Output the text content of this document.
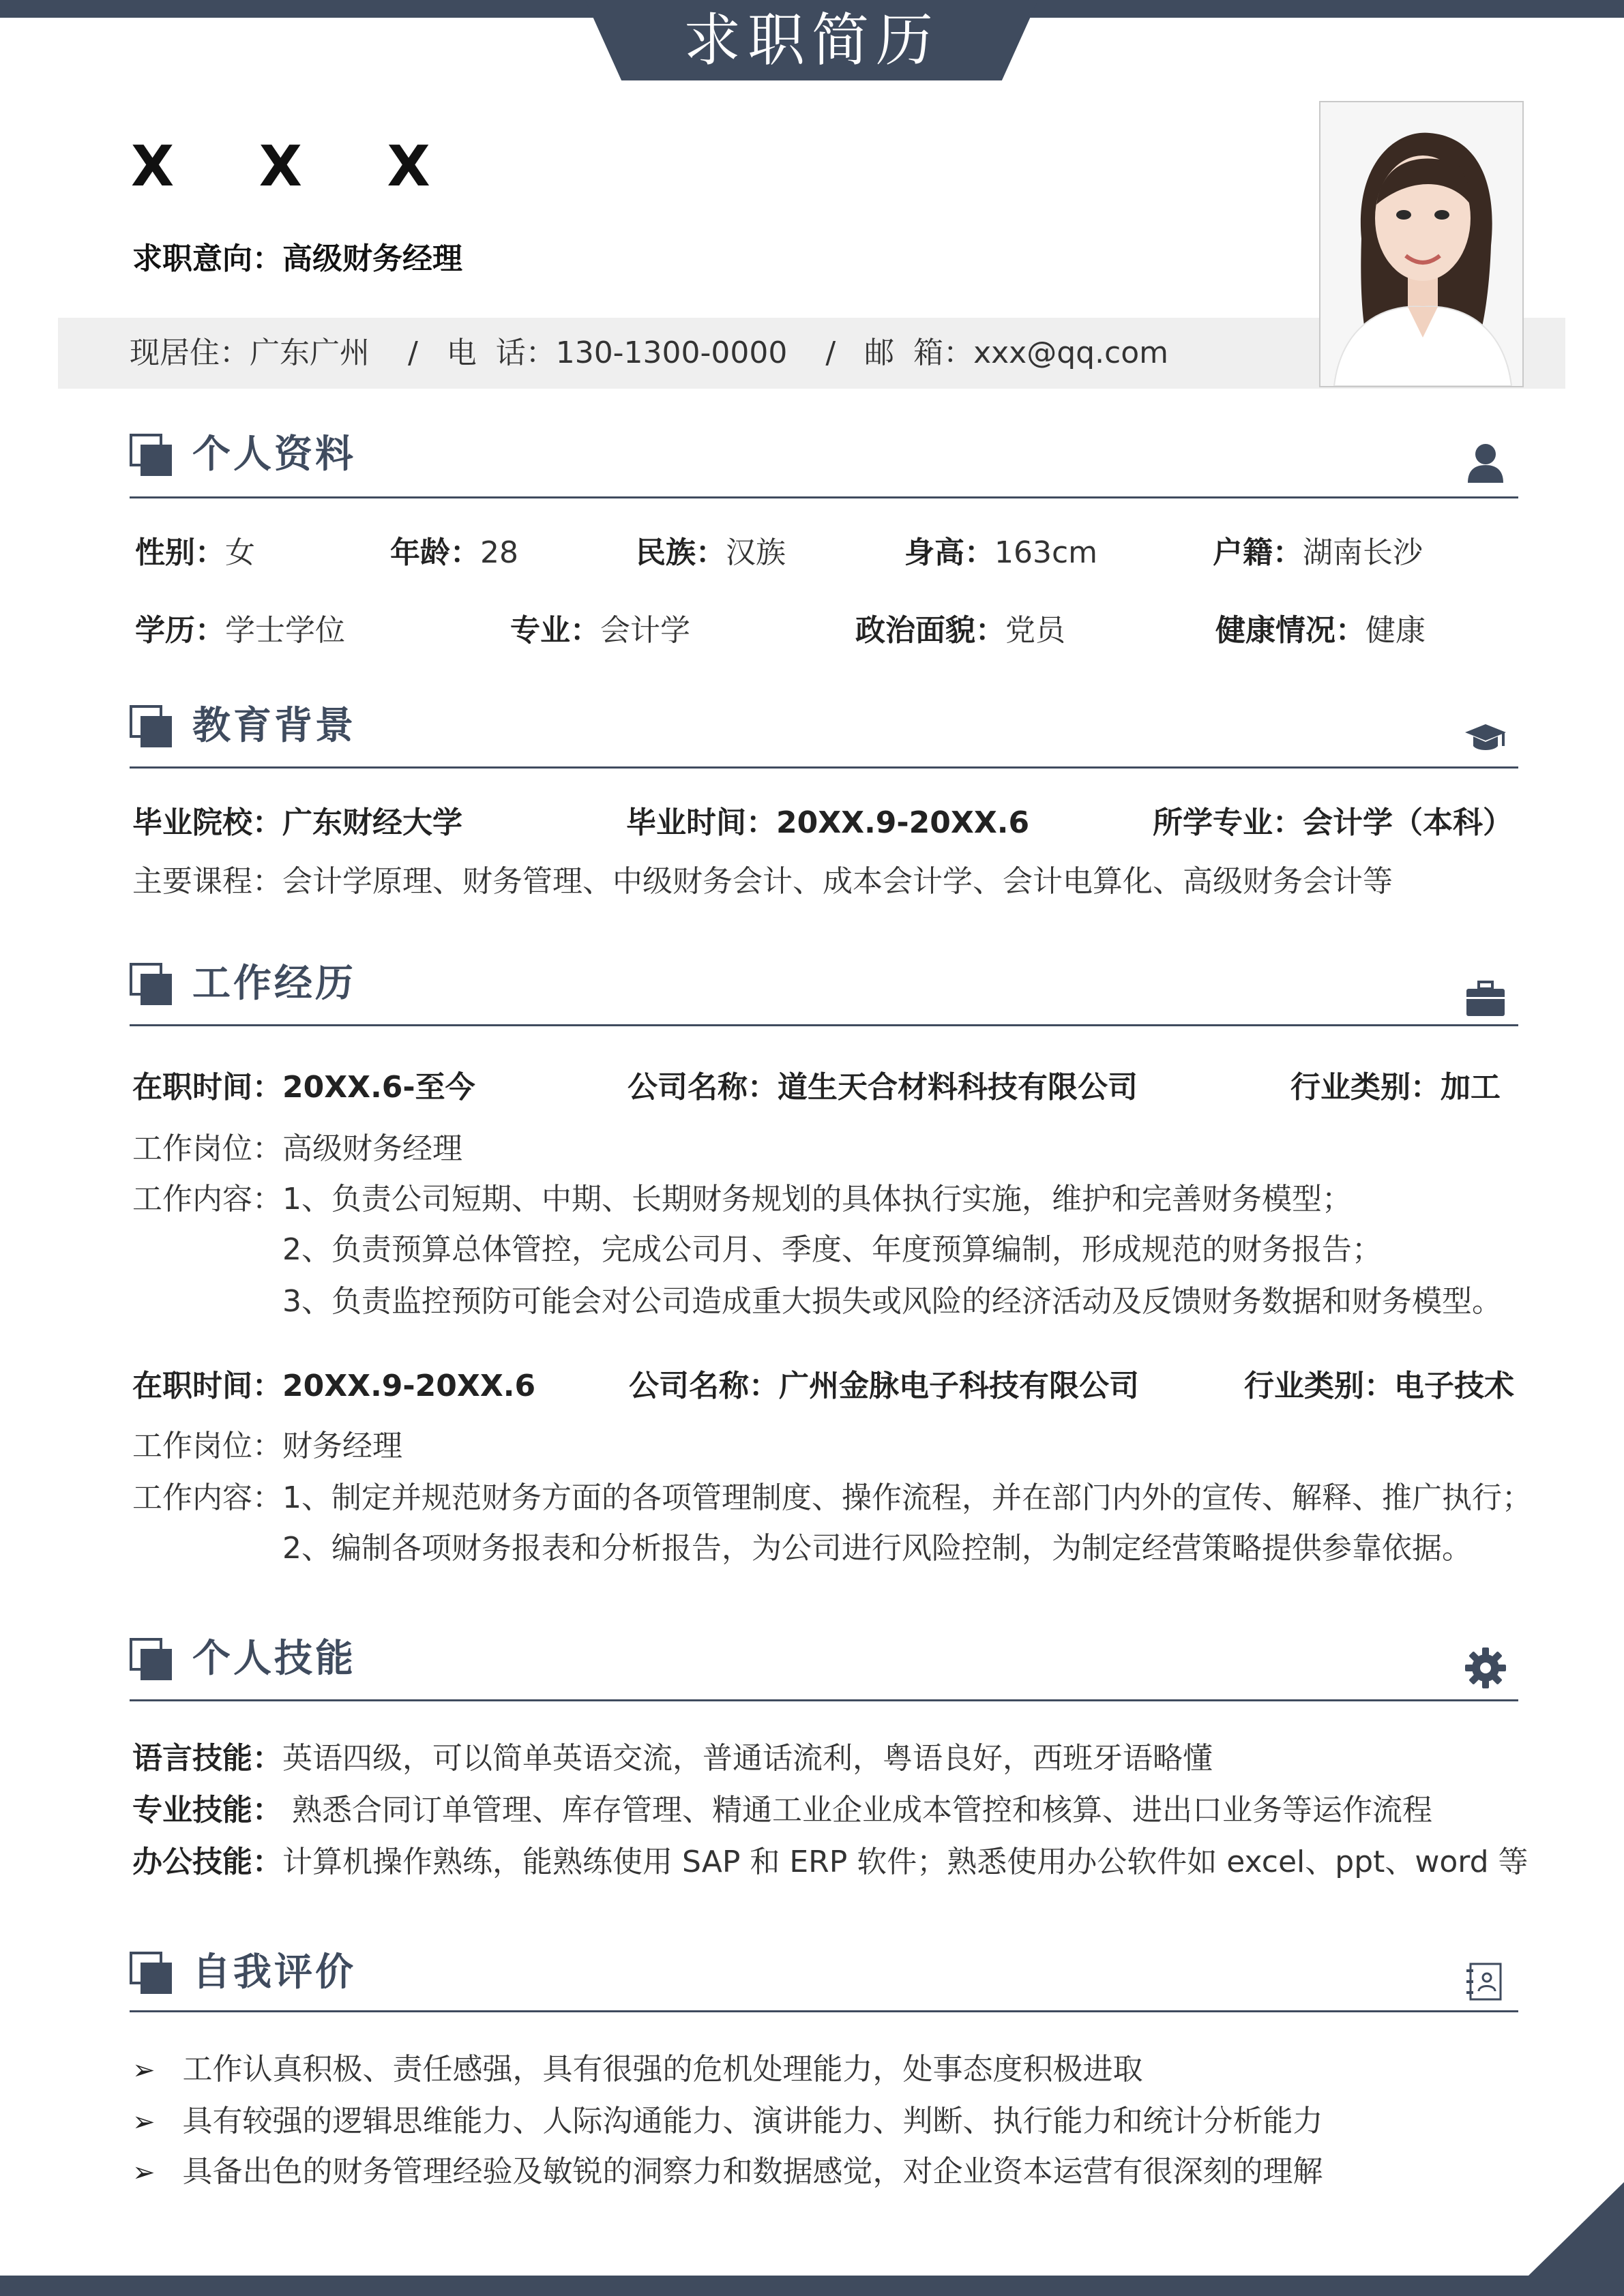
求职简历
X X X
求职意向：高级财务经理
现居住：广东广州    /   电  话：130-1300-0000    /   邮  箱：xxx@qq.com
个人资料
性别：女	年龄：28	民族：汉族	身高：163cm	户籍：湖南长沙
学历：学士学位	专业：会计学	政治面貌：党员	健康情况：健康
教育背景
毕业院校：广东财经大学	毕业时间：20XX.9-20XX.6	所学专业：会计学（本科）
主要课程：会计学原理、财务管理、中级财务会计、成本会计学、会计电算化、高级财务会计等
工作经历
在职时间：20XX.6-至今	公司名称：道生天合材料科技有限公司	行业类别：加工
工作岗位：高级财务经理
工作内容： 1、负责公司短期、中期、长期财务规划的具体执行实施，维护和完善财务模型；
2、负责预算总体管控，完成公司月、季度、年度预算编制，形成规范的财务报告；
3、负责监控预防可能会对公司造成重大损失或风险的经济活动及反馈财务数据和财务模型。
在职时间：20XX.9-20XX.6	公司名称：广州金脉电子科技有限公司	行业类别：电子技术
工作岗位：财务经理
工作内容： 1、制定并规范财务方面的各项管理制度、操作流程，并在部门内外的宣传、解释、推广执行；
2、编制各项财务报表和分析报告，为公司进行风险控制，为制定经营策略提供参靠依据。
个人技能
语言技能：英语四级，可以简单英语交流，普通话流利，粤语良好，西班牙语略懂
专业技能： 熟悉合同订单管理、库存管理、精通工业企业成本管控和核算、进出口业务等运作流程
办公技能：计算机操作熟练，能熟练使用 SAP 和 ERP 软件；熟悉使用办公软件如 excel、ppt、word 等
自我评价
➢ 工作认真积极、责任感强，具有很强的危机处理能力，处事态度积极进取
➢ 具有较强的逻辑思维能力、人际沟通能力、演讲能力、判断、执行能力和统计分析能力
➢ 具备出色的财务管理经验及敏锐的洞察力和数据感觉，对企业资本运营有很深刻的理解
